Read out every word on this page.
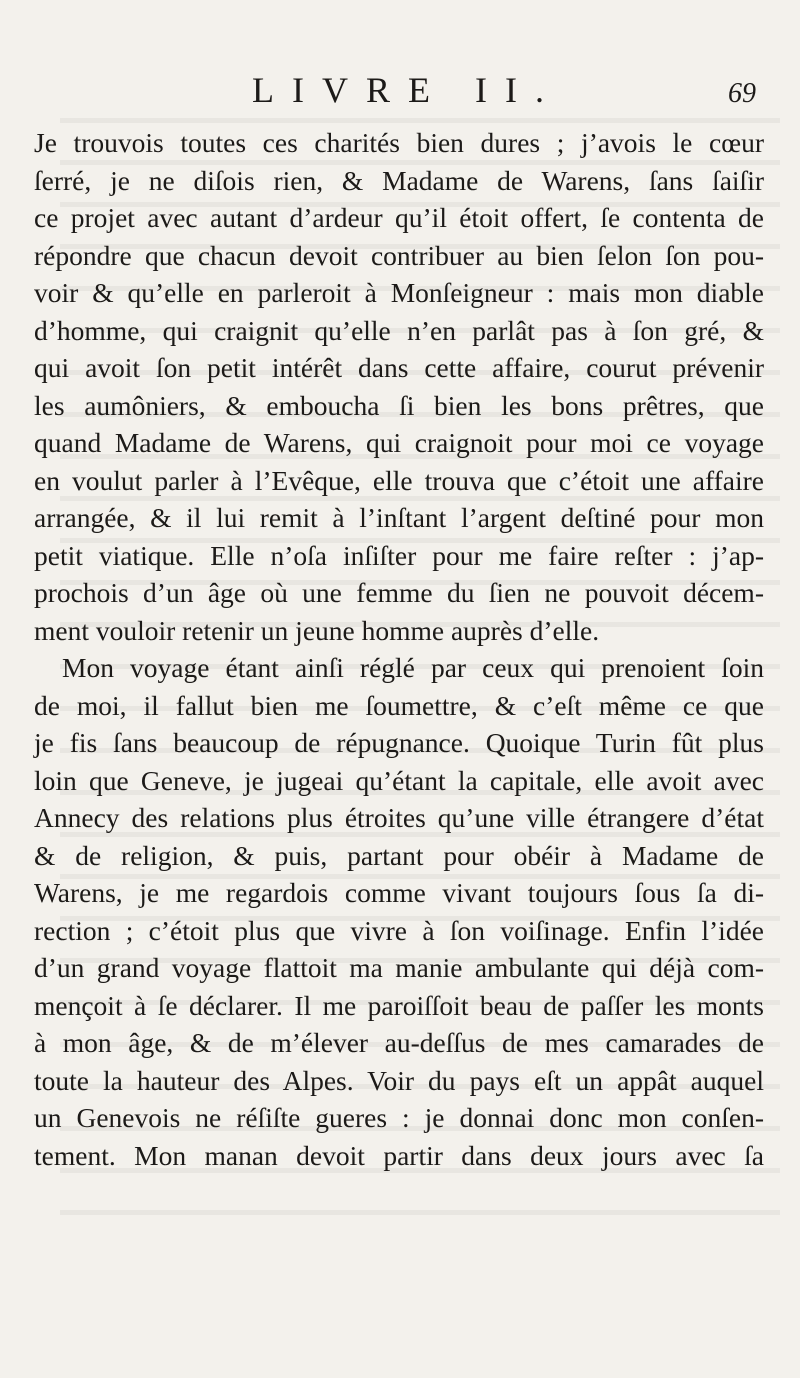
LIVRE II.	69
Je trouvois toutes ces charités bien dures ; j’avois le cœur
ſerré, je ne diſois rien, & Madame de Warens, ſans ſaiſir
ce projet avec autant d’ardeur qu’il étoit offert, ſe contenta de
répondre que chacun devoit contribuer au bien ſelon ſon pou-
voir & qu’elle en parleroit à Monſeigneur : mais mon diable
d’homme, qui craignit qu’elle n’en parlât pas à ſon gré, &
qui avoit ſon petit intérêt dans cette affaire, courut prévenir
les aumôniers, & emboucha ſi bien les bons prêtres, que
quand Madame de Warens, qui craignoit pour moi ce voyage
en voulut parler à l’Evêque, elle trouva que c’étoit une affaire
arrangée, & il lui remit à l’inſtant l’argent deſtiné pour mon
petit viatique. Elle n’oſa inſiſter pour me faire reſter : j’ap-
prochois d’un âge où une femme du ſien ne pouvoit décem-
ment vouloir retenir un jeune homme auprès d’elle.
Mon voyage étant ainſi réglé par ceux qui prenoient ſoin
de moi, il fallut bien me ſoumettre, & c’eſt même ce que
je fis ſans beaucoup de répugnance. Quoique Turin fût plus
loin que Geneve, je jugeai qu’étant la capitale, elle avoit avec
Annecy des relations plus étroites qu’une ville étrangere d’état
& de religion, & puis, partant pour obéir à Madame de
Warens, je me regardois comme vivant toujours ſous ſa di-
rection ; c’étoit plus que vivre à ſon voiſinage. Enfin l’idée
d’un grand voyage flattoit ma manie ambulante qui déjà com-
mençoit à ſe déclarer. Il me paroiſſoit beau de paſſer les monts
à mon âge, & de m’élever au-deſſus de mes camarades de
toute la hauteur des Alpes. Voir du pays eſt un appât auquel
un Genevois ne réſiſte gueres : je donnai donc mon conſen-
tement. Mon manan devoit partir dans deux jours avec ſa
